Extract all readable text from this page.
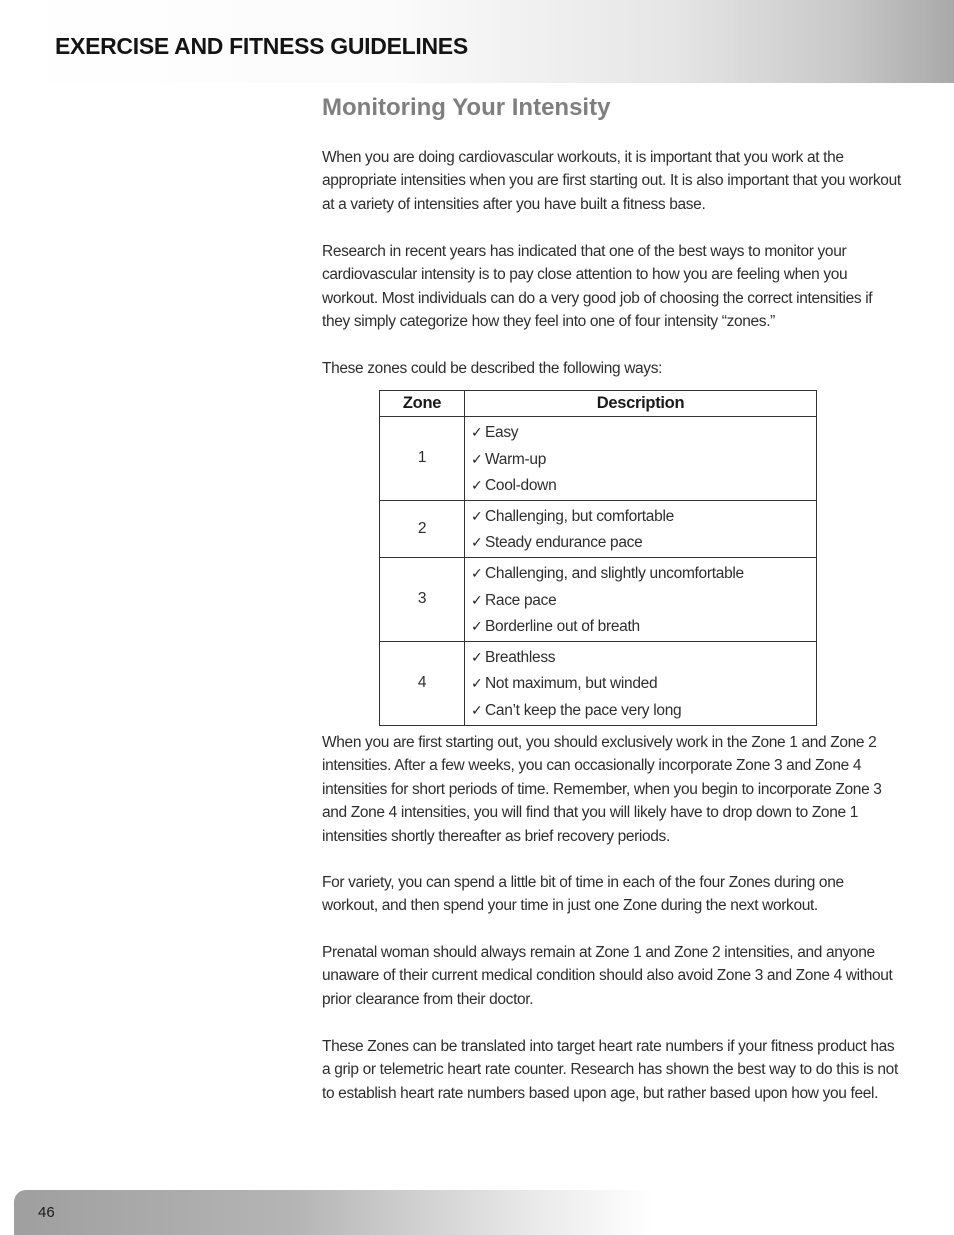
EXERCISE AND FITNESS GUIDELINES
Monitoring Your Intensity

When you are doing cardiovascular workouts, it is important that you work at the appropriate intensities when you are first starting out. It is also important that you workout at a variety of intensities after you have built a fitness base.

Research in recent years has indicated that one of the best ways to monitor your cardiovascular intensity is to pay close attention to how you are feeling when you workout. Most individuals can do a very good job of choosing the correct intensities if they simply categorize how they feel into one of four intensity “zones.”

These zones could be described the following ways:

Zone	Description
1	✓ Easy
✓ Warm-up
✓ Cool-down

2	✓ Challenging, but comfortable
✓ Steady endurance pace

3	✓ Challenging, and slightly uncomfortable
✓ Race pace
✓ Borderline out of breath

4	✓ Breathless
✓ Not maximum, but winded
✓ Can’t keep the pace very long

When you are first starting out, you should exclusively work in the Zone 1 and Zone 2 intensities. After a few weeks, you can occasionally incorporate Zone 3 and Zone 4 intensities for short periods of time. Remember, when you begin to incorporate Zone 3 and Zone 4 intensities, you will find that you will likely have to drop down to Zone 1 intensities shortly thereafter as brief recovery periods.

For variety, you can spend a little bit of time in each of the four Zones during one workout, and then spend your time in just one Zone during the next workout.

Prenatal woman should always remain at Zone 1 and Zone 2 intensities, and anyone unaware of their current medical condition should also avoid Zone 3 and Zone 4 without prior clearance from their doctor.

These Zones can be translated into target heart rate numbers if your fitness product has a grip or telemetric heart rate counter. Research has shown the best way to do this is not to establish heart rate numbers based upon age, but rather based upon how you feel.

46
